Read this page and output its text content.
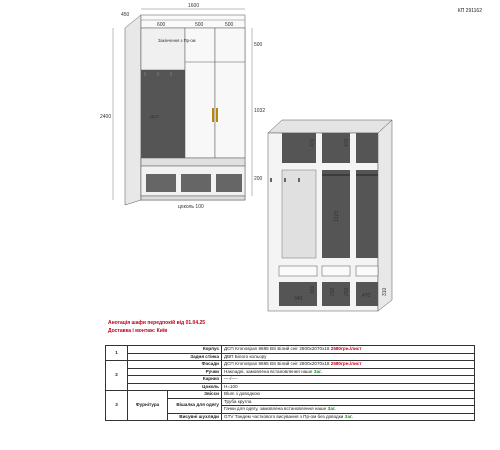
КП 291162
450
1600
600	500	500
2400
500
1032
200
цоколь 100
Закінчення з Пр-ом
ДСП
470	470
1223
340
320	250 250	310
470
Анотація шафи передпокій від 01.04.25
Доставка і монтаж: Київ
1	Корпус		ДСП Kronospan 8685 BS Білий сніг 2800х2070х18 2580грн./лист
	Задня стінка		ДВП Білого кольору
2	Фасади		ДСП Kronospan 8685 BS Білий сніг 2800х2070х18 2580грн./лист
	Ручки		Накладні, замовлена встановлення наше Заг.
	Карниз		----/----
	Цоколь		Н=100
3	Фурнітура	Звісси	Blum з доводкою
		Вішалка для одягу	Труба кругла
			Гачки для одягу, замовлена встановлення наше Заг.
		Висувні шухляди	GTV Тандем часткового висування з Пр-ом без доводки Заг.
